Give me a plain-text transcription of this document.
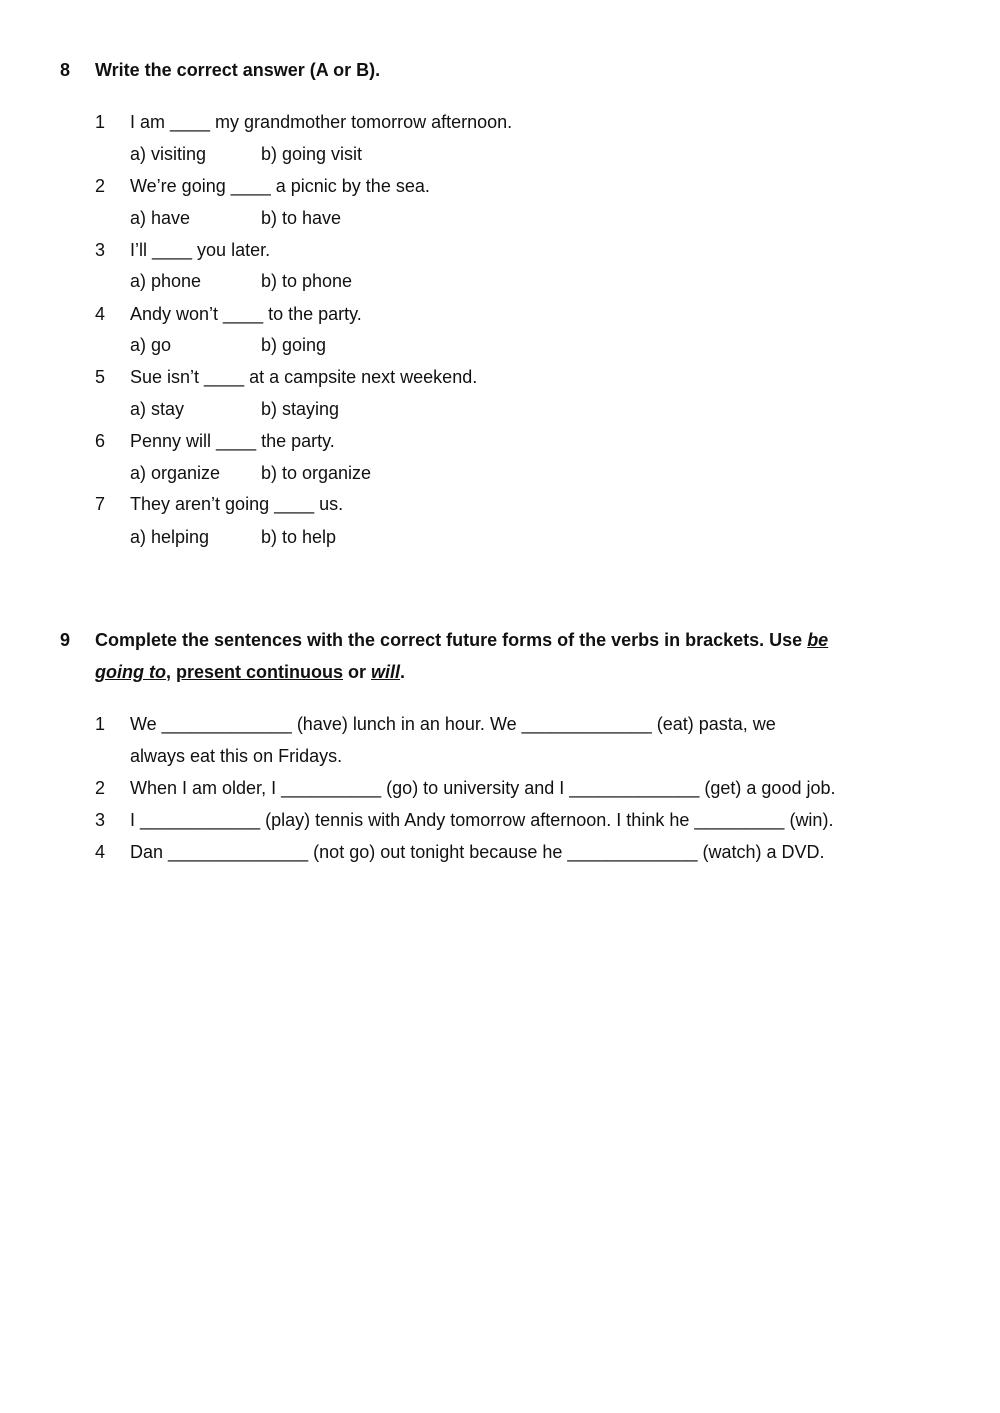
8 Write the correct answer (A or B).
1 I am ____ my grandmother tomorrow afternoon.
a) visiting	b) going visit
2 We’re going ____ a picnic by the sea.
a) have	b) to have
3 I’ll ____ you later.
a) phone	b) to phone
4 Andy won’t ____ to the party.
a) go	b) going
5 Sue isn’t ____ at a campsite next weekend.
a) stay	b) staying
6 Penny will ____ the party.
a) organize b) to organize
7 They aren’t going ____ us.
a) helping	b) to help
9 Complete the sentences with the correct future forms of the verbs in brackets. Use be
going to, present continuous or will.
1 We _____________ (have) lunch in an hour. We _____________ (eat) pasta, we
always eat this on Fridays.
2 When I am older, I __________ (go) to university and I _____________ (get) a good job.
3 I ____________ (play) tennis with Andy tomorrow afternoon. I think he _________ (win).
4 Dan ______________ (not go) out tonight because he _____________ (watch) a DVD.
